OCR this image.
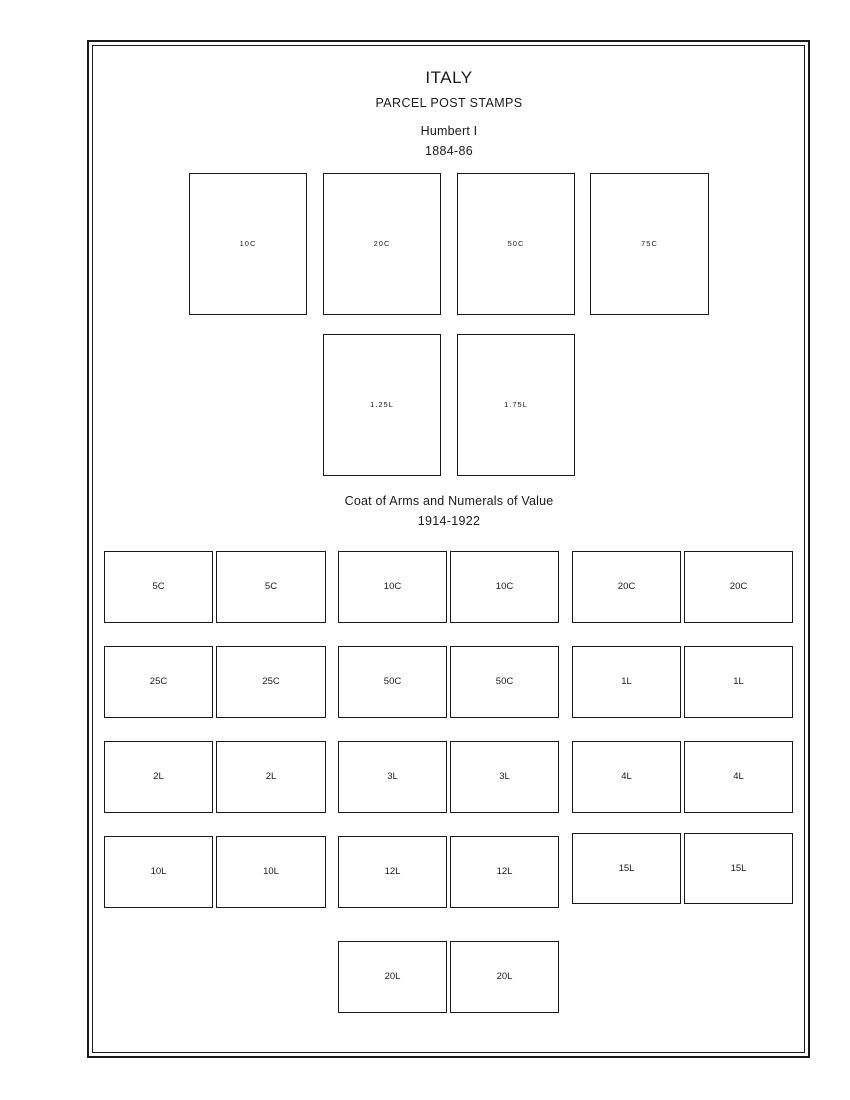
ITALY
PARCEL POST STAMPS
Humbert I
1884-86
10C	20C	50C	75C
1.25L	1.75L
Coat of Arms and Numerals of Value
1914-1922
5C	5C	10C	10C	20C	20C
25C	25C	50C	50C	1L	1L
2L	2L	3L	3L	4L	4L
10L	10L	12L	12L	15L	15L
20L	20L
